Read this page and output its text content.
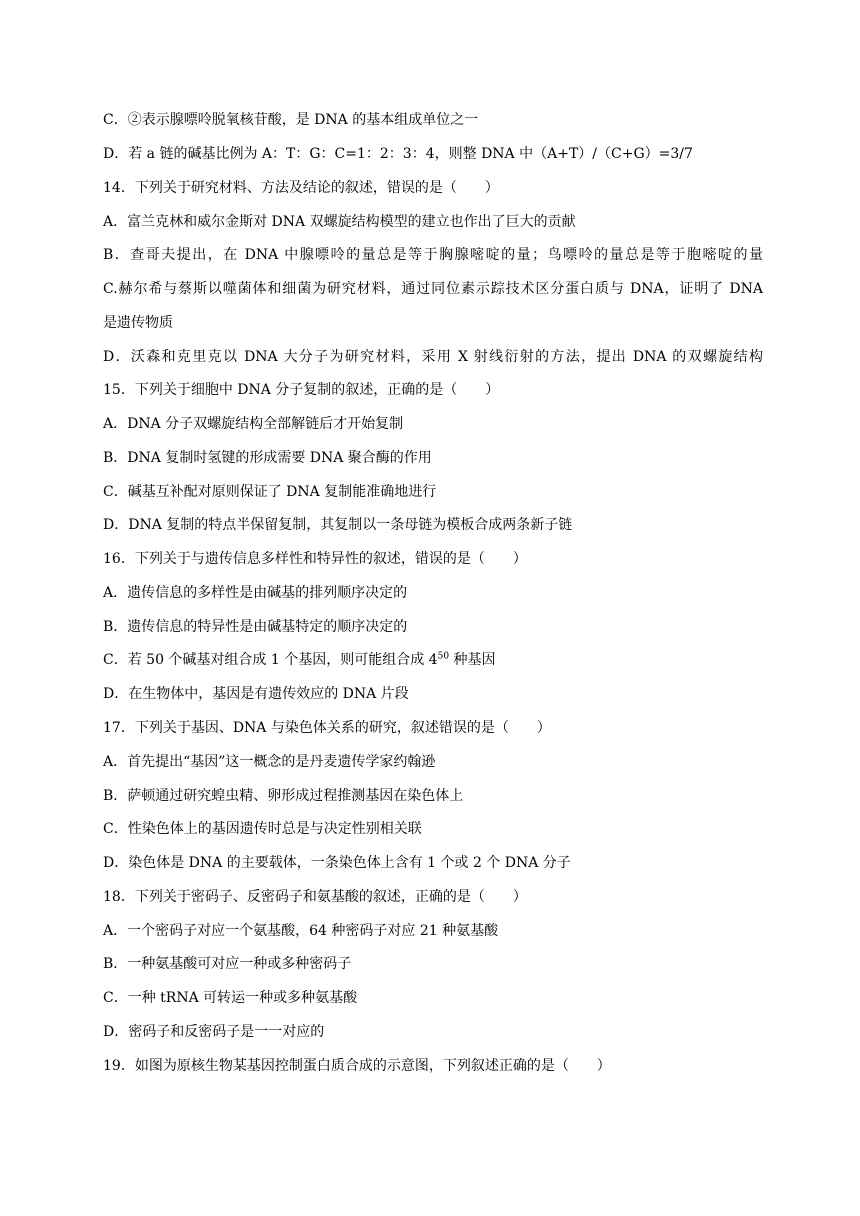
C．②表示腺嘌呤脱氧核苷酸，是 DNA 的基本组成单位之一
D．若 a 链的碱基比例为 A：T：G：C=1：2：3：4，则整 DNA 中（A+T）/（C+G）=3/7
14．下列关于研究材料、方法及结论的叙述，错误的是（　　）
A．富兰克林和威尔金斯对 DNA 双螺旋结构模型的建立也作出了巨大的贡献
B．查哥夫提出，在 DNA 中腺嘌呤的量总是等于胸腺嘧啶的量；鸟嘌呤的量总是等于胞嘧啶的量
C.赫尔希与蔡斯以噬菌体和细菌为研究材料，通过同位素示踪技术区分蛋白质与 DNA，证明了 DNA
是遗传物质
D．沃森和克里克以 DNA 大分子为研究材料，采用 X 射线衍射的方法，提出 DNA 的双螺旋结构
15．下列关于细胞中 DNA 分子复制的叙述，正确的是（　　）
A．DNA 分子双螺旋结构全部解链后才开始复制
B．DNA 复制时氢键的形成需要 DNA 聚合酶的作用
C．碱基互补配对原则保证了 DNA 复制能准确地进行
D．DNA 复制的特点半保留复制，其复制以一条母链为模板合成两条新子链
16．下列关于与遗传信息多样性和特异性的叙述，错误的是（　　）
A．遗传信息的多样性是由碱基的排列顺序决定的
B．遗传信息的特异性是由碱基特定的顺序决定的
C．若 50 个碱基对组合成 1 个基因，则可能组合成 $4^{50}$ 种基因
D．在生物体中，基因是有遗传效应的 DNA 片段
17．下列关于基因、DNA 与染色体关系的研究，叙述错误的是（　　）
A．首先提出“基因”这一概念的是丹麦遗传学家约翰逊
B．萨顿通过研究蝗虫精、卵形成过程推测基因在染色体上
C．性染色体上的基因遗传时总是与决定性别相关联
D．染色体是 DNA 的主要载体，一条染色体上含有 1 个或 2 个 DNA 分子
18．下列关于密码子、反密码子和氨基酸的叙述，正确的是（　　）
A．一个密码子对应一个氨基酸，64 种密码子对应 21 种氨基酸
B．一种氨基酸可对应一种或多种密码子
C．一种 tRNA 可转运一种或多种氨基酸
D．密码子和反密码子是一一对应的
19．如图为原核生物某基因控制蛋白质合成的示意图，下列叙述正确的是（　　）
